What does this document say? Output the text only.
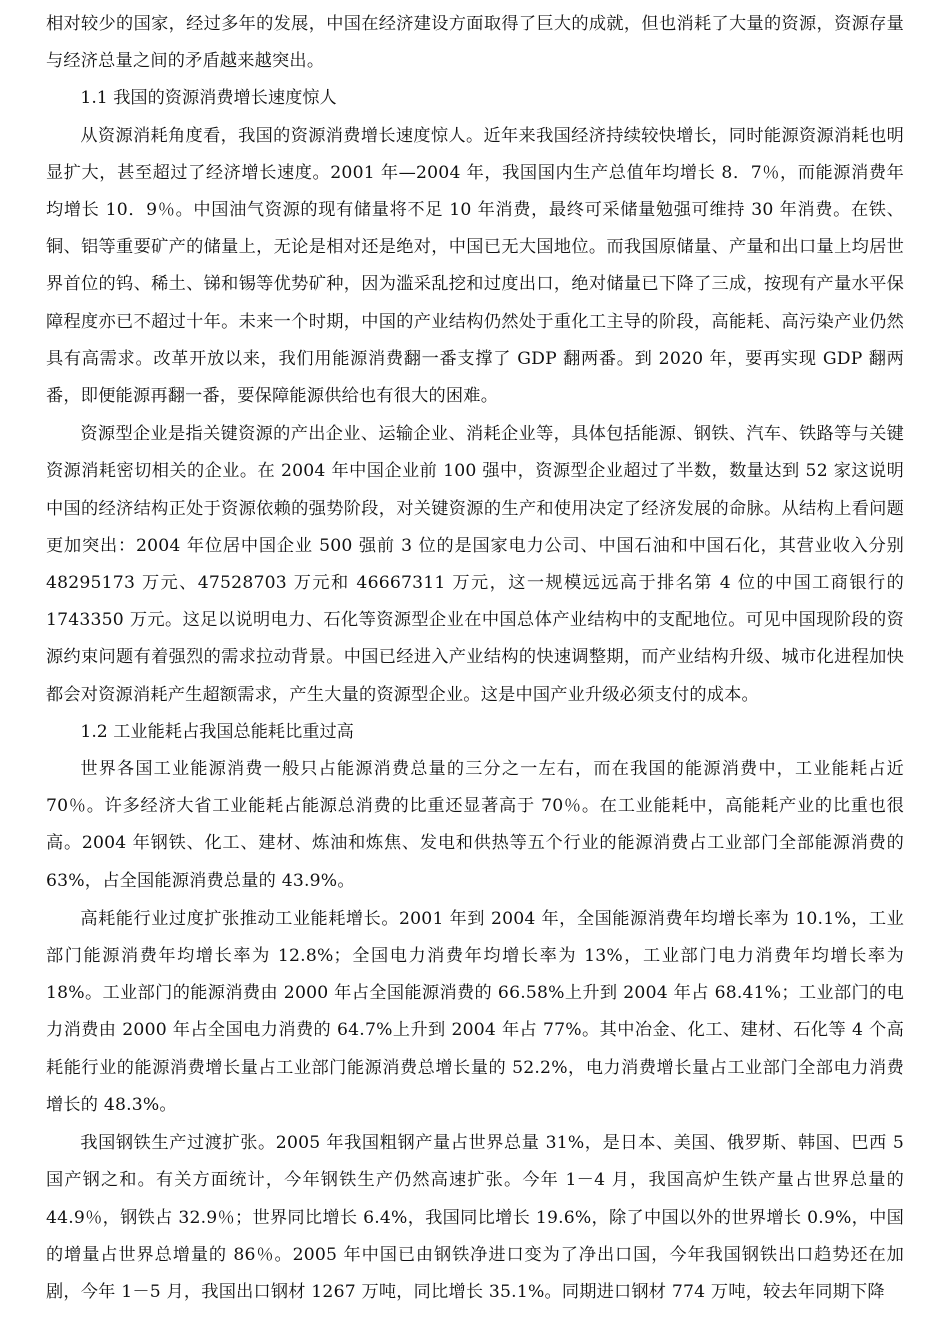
相对较少的国家，经过多年的发展，中国在经济建设方面取得了巨大的成就，但也消耗了大量的资源，资源存量与经济总量之间的矛盾越来越突出。

1.1 我国的资源消费增长速度惊人

从资源消耗角度看，我国的资源消费增长速度惊人。近年来我国经济持续较快增长，同时能源资源消耗也明显扩大，甚至超过了经济增长速度。2001 年—2004 年，我国国内生产总值年均增长 8．7％，而能源消费年均增长 10．9％。中国油气资源的现有储量将不足 10 年消费，最终可采储量勉强可维持 30 年消费。在铁、铜、铝等重要矿产的储量上，无论是相对还是绝对，中国已无大国地位。而我国原储量、产量和出口量上均居世界首位的钨、稀土、锑和锡等优势矿种，因为滥采乱挖和过度出口，绝对储量已下降了三成，按现有产量水平保障程度亦已不超过十年。未来一个时期，中国的产业结构仍然处于重化工主导的阶段，高能耗、高污染产业仍然具有高需求。改革开放以来，我们用能源消费翻一番支撑了 GDP 翻两番。到 2020 年，要再实现 GDP 翻两番，即便能源再翻一番，要保障能源供给也有很大的困难。

资源型企业是指关键资源的产出企业、运输企业、消耗企业等，具体包括能源、钢铁、汽车、铁路等与关键资源消耗密切相关的企业。在 2004 年中国企业前 100 强中，资源型企业超过了半数，数量达到 52 家这说明中国的经济结构正处于资源依赖的强势阶段，对关键资源的生产和使用决定了经济发展的命脉。从结构上看问题更加突出：2004 年位居中国企业 500 强前 3 位的是国家电力公司、中国石油和中国石化，其营业收入分别 48295173 万元、47528703 万元和 46667311 万元，这一规模远远高于排名第 4 位的中国工商银行的 1743350 万元。这足以说明电力、石化等资源型企业在中国总体产业结构中的支配地位。可见中国现阶段的资源约束问题有着强烈的需求拉动背景。中国已经进入产业结构的快速调整期，而产业结构升级、城市化进程加快都会对资源消耗产生超额需求，产生大量的资源型企业。这是中国产业升级必须支付的成本。

1.2 工业能耗占我国总能耗比重过高

世界各国工业能源消费一般只占能源消费总量的三分之一左右，而在我国的能源消费中，工业能耗占近 70％。许多经济大省工业能耗占能源总消费的比重还显著高于 70％。在工业能耗中，高能耗产业的比重也很高。2004 年钢铁、化工、建材、炼油和炼焦、发电和供热等五个行业的能源消费占工业部门全部能源消费的 63%，占全国能源消费总量的 43.9%。

高耗能行业过度扩张推动工业能耗增长。2001 年到 2004 年，全国能源消费年均增长率为 10.1%，工业部门能源消费年均增长率为 12.8%；全国电力消费年均增长率为 13%，工业部门电力消费年均增长率为 18%。工业部门的能源消费由 2000 年占全国能源消费的 66.58%上升到 2004 年占 68.41%；工业部门的电力消费由 2000 年占全国电力消费的 64.7%上升到 2004 年占 77%。其中冶金、化工、建材、石化等 4 个高耗能行业的能源消费增长量占工业部门能源消费总增长量的 52.2%，电力消费增长量占工业部门全部电力消费增长的 48.3%。

我国钢铁生产过渡扩张。2005 年我国粗钢产量占世界总量 31%，是日本、美国、俄罗斯、韩国、巴西 5 国产钢之和。有关方面统计，今年钢铁生产仍然高速扩张。今年 1－4 月，我国高炉生铁产量占世界总量的 44.9％，钢铁占 32.9％；世界同比增长 6.4%，我国同比增长 19.6%，除了中国以外的世界增长 0.9%，中国的增量占世界总增量的 86％。2005 年中国已由钢铁净进口变为了净出口国，今年我国钢铁出口趋势还在加剧，今年 1－5 月，我国出口钢材 1267 万吨，同比增长 35.1%。同期进口钢材 774 万吨，较去年同期下降
